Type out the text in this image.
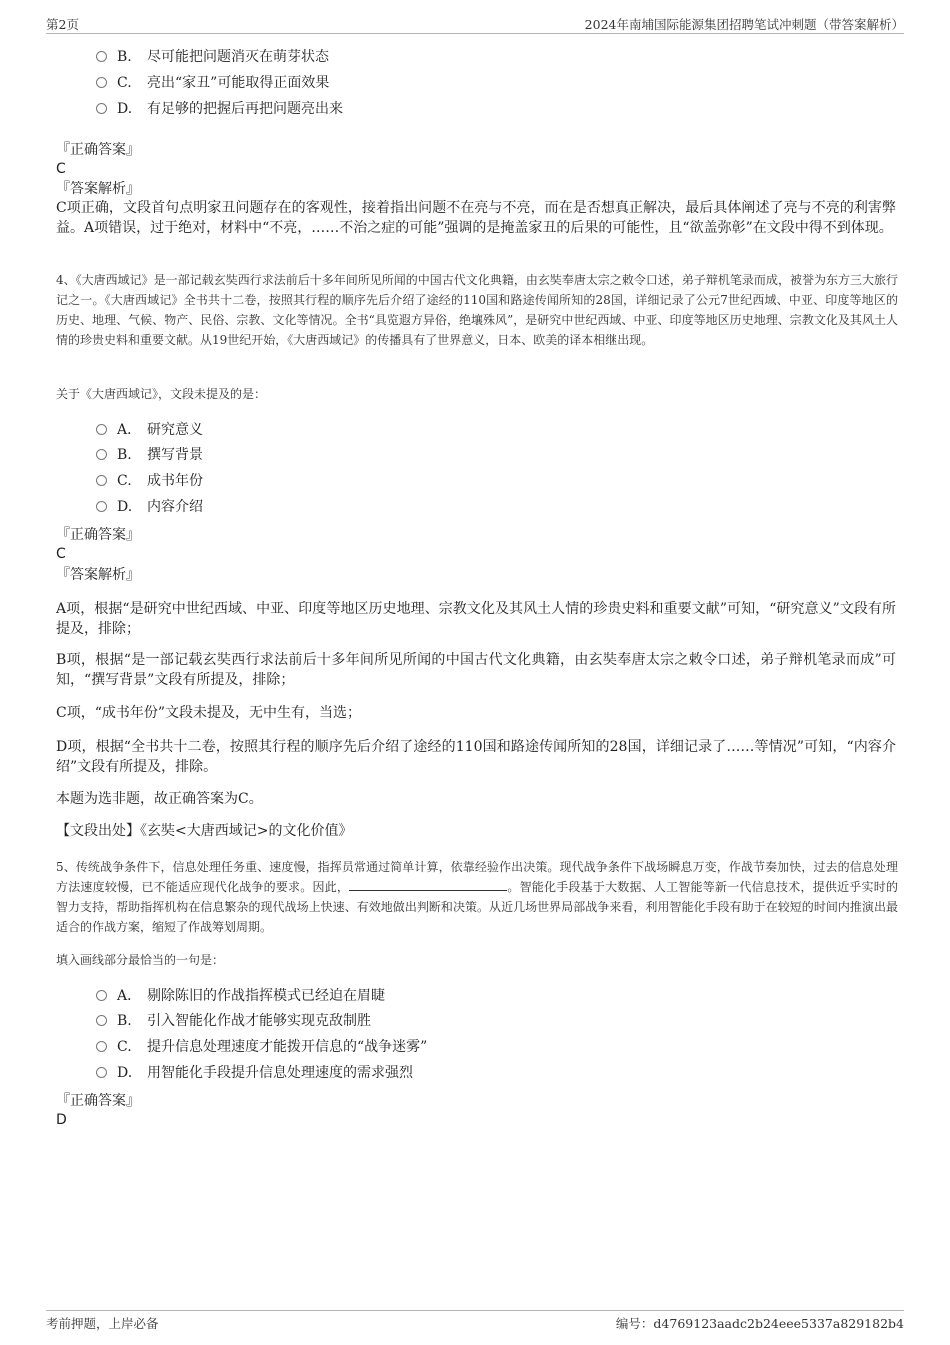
第2页	2024年南埔国际能源集团招聘笔试冲刺题（带答案解析）
B. 尽可能把问题消灭在萌芽状态
C. 亮出“家丑”可能取得正面效果
D. 有足够的把握后再把问题亮出来
『正确答案』
C
『答案解析』
C项正确，文段首句点明家丑问题存在的客观性，接着指出问题不在亮与不亮，而在是否想真正解决，最后具体阐述了亮与不亮的利害弊益。A项错误，过于绝对，材料中“不亮，……不治之症的可能”强调的是掩盖家丑的后果的可能性，且“欲盖弥彰”在文段中得不到体现。
4、《大唐西域记》是一部记载玄奘西行求法前后十多年间所见所闻的中国古代文化典籍，由玄奘奉唐太宗之敕令口述，弟子辩机笔录而成，被誉为东方三大旅行记之一。《大唐西域记》全书共十二卷，按照其行程的顺序先后介绍了途经的110国和路途传闻所知的28国，详细记录了公元7世纪西域、中亚、印度等地区的历史、地理、气候、物产、民俗、宗教、文化等情况。全书“具览遐方异俗，绝壤殊风”，是研究中世纪西域、中亚、印度等地区历史地理、宗教文化及其风土人情的珍贵史料和重要文献。从19世纪开始，《大唐西域记》的传播具有了世界意义，日本、欧美的译本相继出现。
关于《大唐西域记》，文段未提及的是：
A． 研究意义
B. 撰写背景
C. 成书年份
D. 内容介绍
『正确答案』
C
『答案解析』
A项，根据“是研究中世纪西域、中亚、印度等地区历史地理、宗教文化及其风土人情的珍贵史料和重要文献”可知，“研究意义”文段有所提及，排除；
B项，根据“是一部记载玄奘西行求法前后十多年间所见所闻的中国古代文化典籍，由玄奘奉唐太宗之敕令口述，弟子辩机笔录而成”可知，“撰写背景”文段有所提及，排除；
C项，“成书年份”文段未提及，无中生有，当选；
D项，根据“全书共十二卷，按照其行程的顺序先后介绍了途经的110国和路途传闻所知的28国，详细记录了……等情况”可知，“内容介绍”文段有所提及，排除。
本题为选非题，故正确答案为C。
【文段出处】《玄奘<大唐西域记>的文化价值》
5、传统战争条件下，信息处理任务重、速度慢，指挥员常通过简单计算，依靠经验作出决策。现代战争条件下战场瞬息万变，作战节奏加快，过去的信息处理方法速度较慢，已不能适应现代化战争的要求。因此，	。智能化手段基于大数据、人工智能等新一代信息技术，提供近乎实时的智力支持，帮助指挥机构在信息繁杂的现代战场上快速、有效地做出判断和决策。从近几场世界局部战争来看，利用智能化手段有助于在较短的时间内推演出最适合的作战方案，缩短了作战筹划周期。
填入画线部分最恰当的一句是：
A． 剔除陈旧的作战指挥模式已经迫在眉睫
B. 引入智能化作战才能够实现克敌制胜
C. 提升信息处理速度才能拨开信息的“战争迷雾”
D. 用智能化手段提升信息处理速度的需求强烈
『正确答案』
D
考前押题，上岸必备	编号：d4769123aadc2b24eee5337a829182b4
